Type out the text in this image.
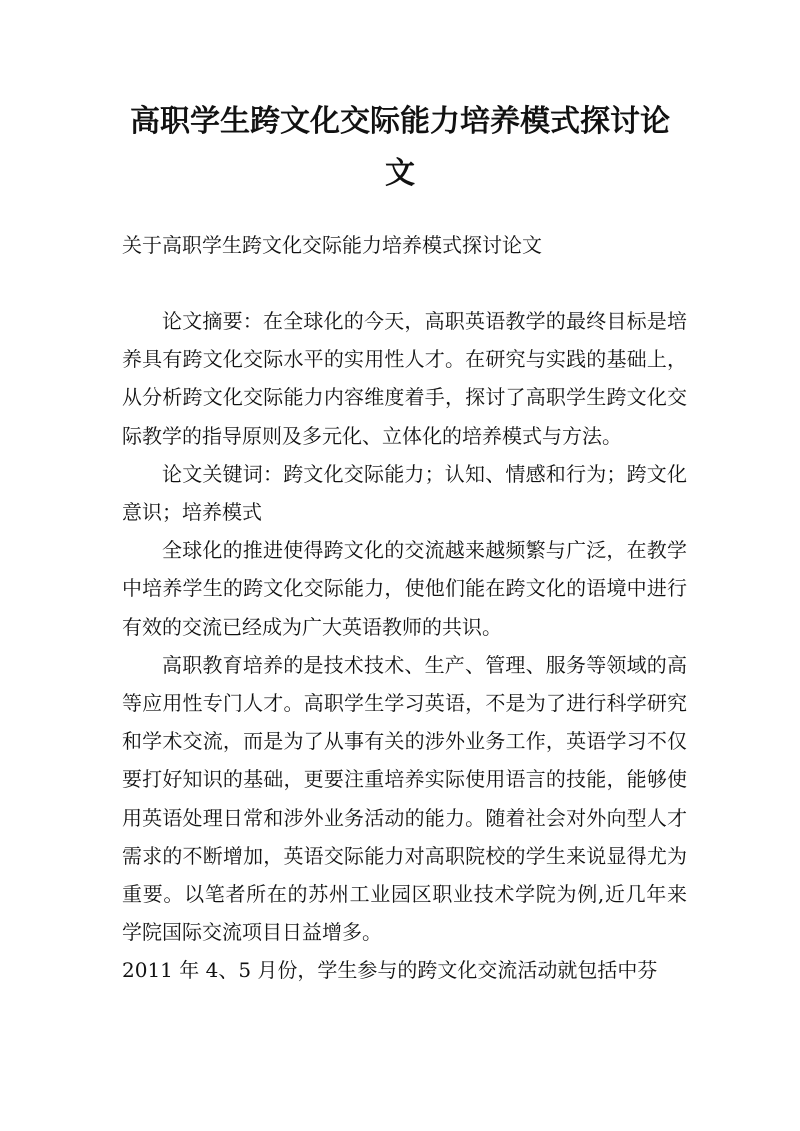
高职学生跨文化交际能力培养模式探讨论文

关于高职学生跨文化交际能力培养模式探讨论文

论文摘要：在全球化的今天，高职英语教学的最终目标是培养具有跨文化交际水平的实用性人才。在研究与实践的基础上，从分析跨文化交际能力内容维度着手，探讨了高职学生跨文化交际教学的指导原则及多元化、立体化的培养模式与方法。

论文关键词：跨文化交际能力；认知、情感和行为；跨文化意识；培养模式

全球化的推进使得跨文化的交流越来越频繁与广泛，在教学中培养学生的跨文化交际能力，使他们能在跨文化的语境中进行有效的交流已经成为广大英语教师的共识。

高职教育培养的是技术技术、生产、管理、服务等领域的高等应用性专门人才。高职学生学习英语，不是为了进行科学研究和学术交流，而是为了从事有关的涉外业务工作，英语学习不仅要打好知识的基础，更要注重培养实际使用语言的技能，能够使用英语处理日常和涉外业务活动的能力。随着社会对外向型人才需求的不断增加，英语交际能力对高职院校的学生来说显得尤为重要。以笔者所在的苏州工业园区职业技术学院为例,近几年来学院国际交流项目日益增多。

2011 年 4、5 月份，学生参与的跨文化交流活动就包括中芬
